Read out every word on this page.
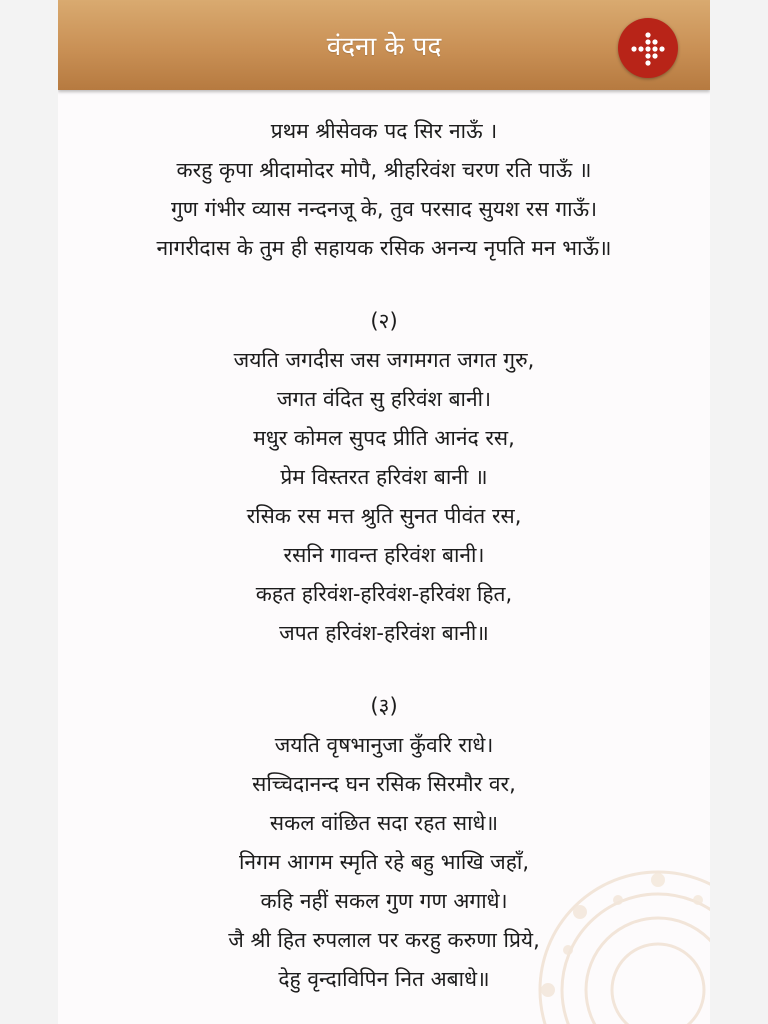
वंदना के पद
प्रथम श्रीसेवक पद सिर नाऊँ ।
करहु कृपा श्रीदामोदर मोपै, श्रीहरिवंश चरण रति पाऊँ ॥
गुण गंभीर व्यास नन्दनजू के, तुव परसाद सुयश रस गाऊँ।
नागरीदास के तुम ही सहायक रसिक अनन्य नृपति मन भाऊँ॥
(२)
जयति जगदीस जस जगमगत जगत गुरु,
जगत वंदित सु हरिवंश बानी।
मधुर कोमल सुपद प्रीति आनंद रस,
प्रेम विस्तरत हरिवंश बानी ॥
रसिक रस मत्त श्रुति सुनत पीवंत रस,
रसनि गावन्त हरिवंश बानी।
कहत हरिवंश-हरिवंश-हरिवंश हित,
जपत हरिवंश-हरिवंश बानी॥
(३)
जयति वृषभानुजा कुँवरि राधे।
सच्चिदानन्द घन रसिक सिरमौर वर,
सकल वांछित सदा रहत साधे॥
निगम आगम स्मृति रहे बहु भाखि जहाँ,
कहि नहीं सकल गुण गण अगाधे।
जै श्री हित रुपलाल पर करहु करुणा प्रिये,
देहु वृन्दाविपिन नित अबाधे॥
